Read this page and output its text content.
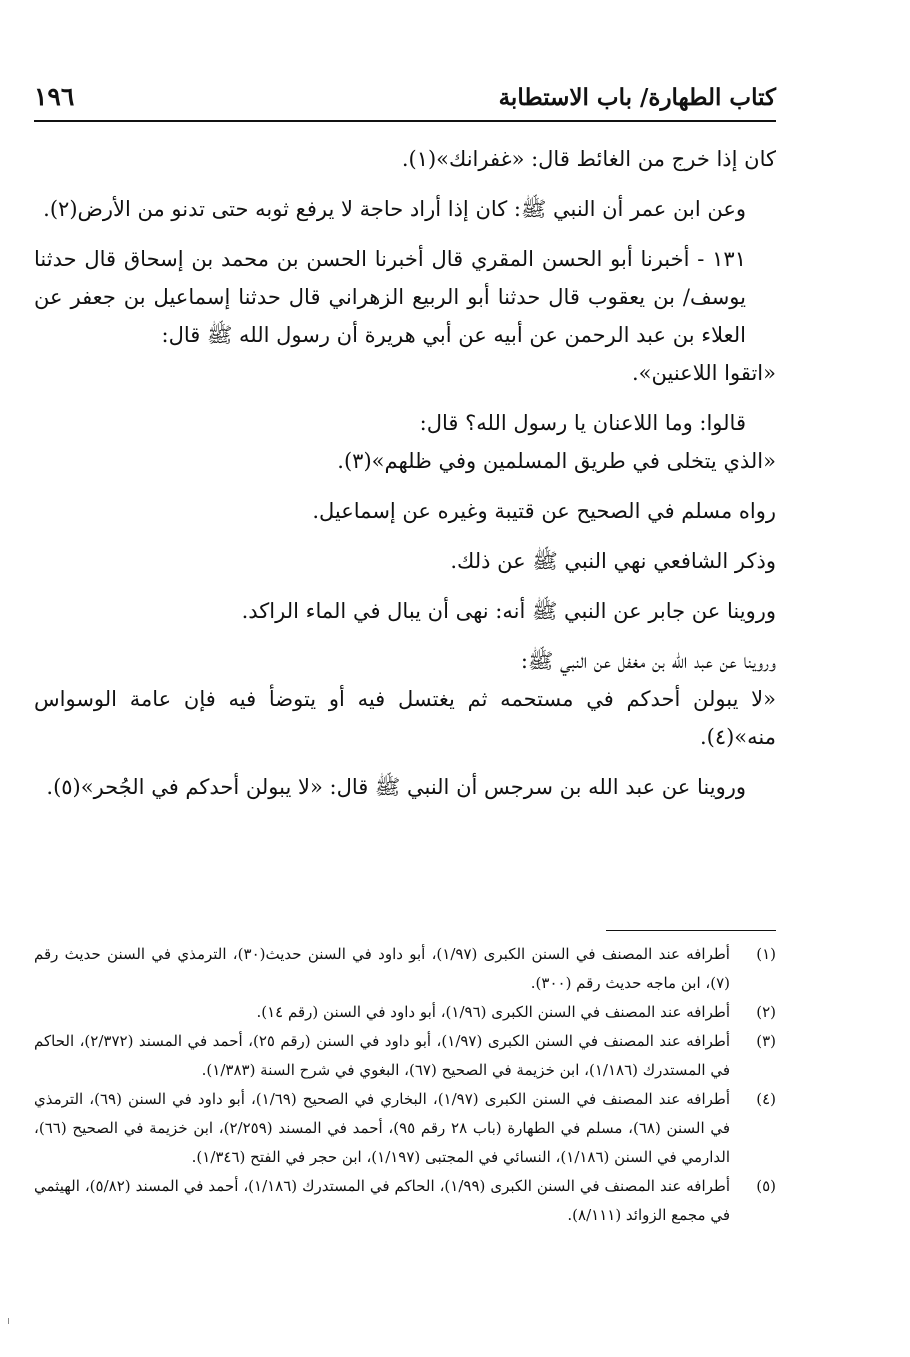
كتاب الطهارة/ باب الاستطابة
١٩٦

كان إذا خرج من الغائط قال: «غفرانك»(١).

وعن ابن عمر أن النبي ﷺ: كان إذا أراد حاجة لا يرفع ثوبه حتى تدنو من الأرض(٢).

١٣١ - أخبرنا أبو الحسن المقري قال أخبرنا الحسن بن محمد بن إسحاق قال حدثنا يوسف/ بن يعقوب قال حدثنا أبو الربيع الزهراني قال حدثنا إسماعيل بن جعفر عن العلاء بن عبد الرحمن عن أبيه عن أبي هريرة أن رسول الله ﷺ قال:

«اتقوا اللاعنين».

قالوا: وما اللاعنان يا رسول الله؟ قال:

«الذي يتخلى في طريق المسلمين وفي ظلهم»(٣).

رواه مسلم في الصحيح عن قتيبة وغيره عن إسماعيل.

وذكر الشافعي نهي النبي ﷺ عن ذلك.

وروينا عن جابر عن النبي ﷺ أنه: نهى أن يبال في الماء الراكد.

وروينا عن عبد الله بن مغفل عن النبي ﷺ:

«لا يبولن أحدكم في مستحمه ثم يغتسل فيه أو يتوضأ فيه فإن عامة الوسواس منه»(٤).

وروينا عن عبد الله بن سرجس أن النبي ﷺ قال: «لا يبولن أحدكم في الجُحر»(٥).

(١)
أطرافه عند المصنف في السنن الكبرى (١/٩٧)، أبو داود في السنن حديث(٣٠)، الترمذي في السنن حديث رقم (٧)، ابن ماجه حديث رقم (٣٠٠).
(٢)
أطرافه عند المصنف في السنن الكبرى (١/٩٦)، أبو داود في السنن (رقم ١٤).
(٣)
أطرافه عند المصنف في السنن الكبرى (١/٩٧)، أبو داود في السنن (رقم ٢٥)، أحمد في المسند (٢/٣٧٢)، الحاكم في المستدرك (١/١٨٦)، ابن خزيمة في الصحيح (٦٧)، البغوي في شرح السنة (١/٣٨٣).
(٤)
أطرافه عند المصنف في السنن الكبرى (١/٩٧)، البخاري في الصحيح (١/٦٩)، أبو داود في السنن (٦٩)، الترمذي في السنن (٦٨)، مسلم في الطهارة (باب ٢٨ رقم ٩٥)، أحمد في المسند (٢/٢٥٩)، ابن خزيمة في الصحيح (٦٦)، الدارمي في السنن (١/١٨٦)، النسائي في المجتبى (١/١٩٧)، ابن حجر في الفتح (١/٣٤٦).
(٥)
أطرافه عند المصنف في السنن الكبرى (١/٩٩)، الحاكم في المستدرك (١/١٨٦)، أحمد في المسند (٥/٨٢)، الهيثمي في مجمع الزوائد (٨/١١١).
